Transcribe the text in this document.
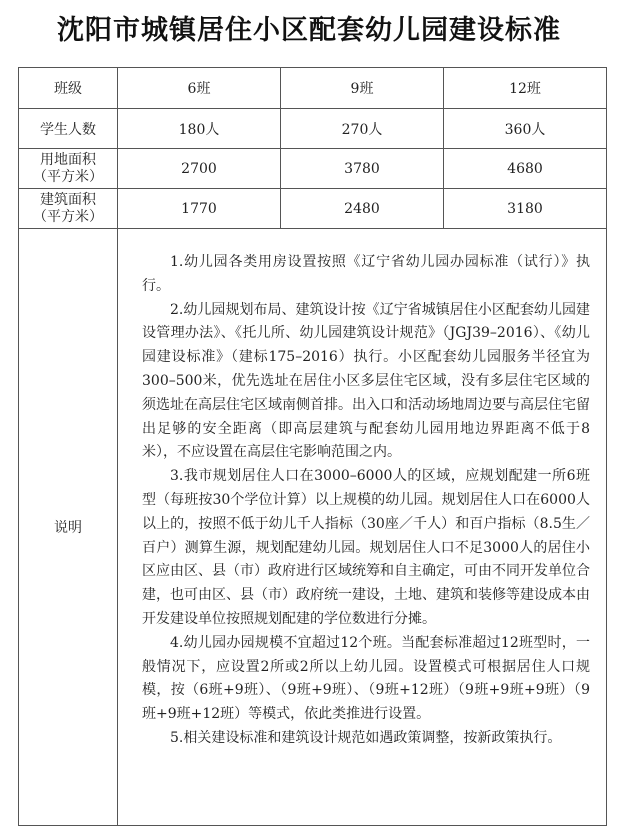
沈阳市城镇居住小区配套幼儿园建设标准
班级	6班	9班	12班
学生人数	180人	270人	360人

用地面积
（平方米）	2700	3780	4680

建筑面积
（平方米）	1770	2480	3180
说明	1.幼儿园各类用房设置按照《辽宁省幼儿园办园标准（试行）》执行。

2.幼儿园规划布局、建筑设计按《辽宁省城镇居住小区配套幼儿园建设管理办法》、《托儿所、幼儿园建筑设计规范》（JGJ39–2016）、《幼儿园建设标准》（建标175–2016）执行。小区配套幼儿园服务半径宜为300–500米，优先选址在居住小区多层住宅区域，没有多层住宅区域的须选址在高层住宅区域南侧首排。出入口和活动场地周边要与高层住宅留出足够的安全距离（即高层建筑与配套幼儿园用地边界距离不低于8米），不应设置在高层住宅影响范围之内。

3.我市规划居住人口在3000–6000人的区域，应规划配建一所6班型（每班按30个学位计算）以上规模的幼儿园。规划居住人口在6000人以上的，按照不低于幼儿千人指标（30座／千人）和百户指标（8.5生／百户）测算生源，规划配建幼儿园。规划居住人口不足3000人的居住小区应由区、县（市）政府进行区域统筹和自主确定，可由不同开发单位合建，也可由区、县（市）政府统一建设，土地、建筑和装修等建设成本由开发建设单位按照规划配建的学位数进行分摊。

4.幼儿园办园规模不宜超过12个班。当配套标准超过12班型时，一般情况下，应设置2所或2所以上幼儿园。设置模式可根据居住人口规模，按（6班+9班）、（9班+9班）、（9班+12班）（9班+9班+9班）（9班+9班+12班）等模式，依此类推进行设置。

5.相关建设标准和建筑设计规范如遇政策调整，按新政策执行。		
